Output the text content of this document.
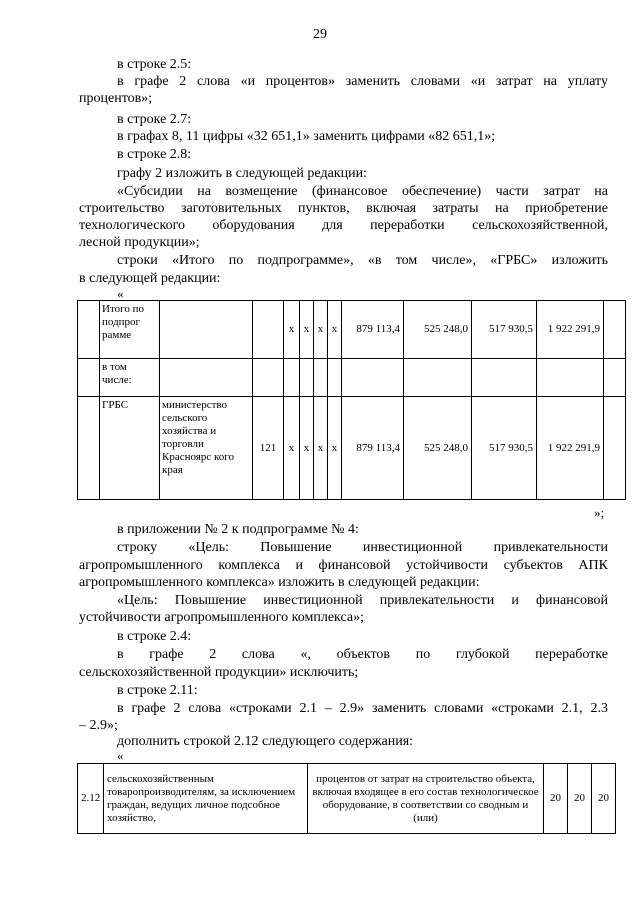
29
в строке 2.5:
в графе 2 слова «и процентов» заменить словами «и затрат на уплату
процентов»;
в строке 2.7:
в графах 8, 11 цифры «32 651,1» заменить цифрами «82 651,1»;
в строке 2.8:
графу 2 изложить в следующей редакции:
«Субсидии на возмещение (финансовое обеспечение) части затрат на
строительство заготовительных пунктов, включая затраты на приобретение
технологического оборудования для переработки сельскохозяйственной,
лесной продукции»;
строки «Итого по подпрограмме», «в том числе», «ГРБС» изложить
в следующей редакции:
«
	Итого по подпрог рамме			х	х	х	х	879 113,4	525 248,0	517 930,5	1 922 291,9	
	в том числе:											
	ГРБС	министерство сельского хозяйства и торговли Красноярс кого края	121	х	х	х	х	879 113,4	525 248,0	517 930,5	1 922 291,9	
»;
в приложении № 2 к подпрограмме № 4:
строку «Цель: Повышение инвестиционной привлекательности
агропромышленного комплекса и финансовой устойчивости субъектов АПК
агропромышленного комплекса» изложить в следующей редакции:
«Цель: Повышение инвестиционной привлекательности и финансовой
устойчивости агропромышленного комплекса»;
в строке 2.4:
в графе 2 слова «, объектов по глубокой переработке
сельскохозяйственной продукции» исключить;
в строке 2.11:
в графе 2 слова «строками 2.1 – 2.9» заменить словами «строками 2.1, 2.3
– 2.9»;
дополнить строкой 2.12 следующего содержания:
«
2.12	сельскохозяйственным товаропроизводителям, за исключением граждан, ведущих личное подсобное хозяйство,	процентов от затрат на строительство объекта, включая входящее в его состав технологическое оборудование, в соответствии со сводным и (или)	20	20	20
